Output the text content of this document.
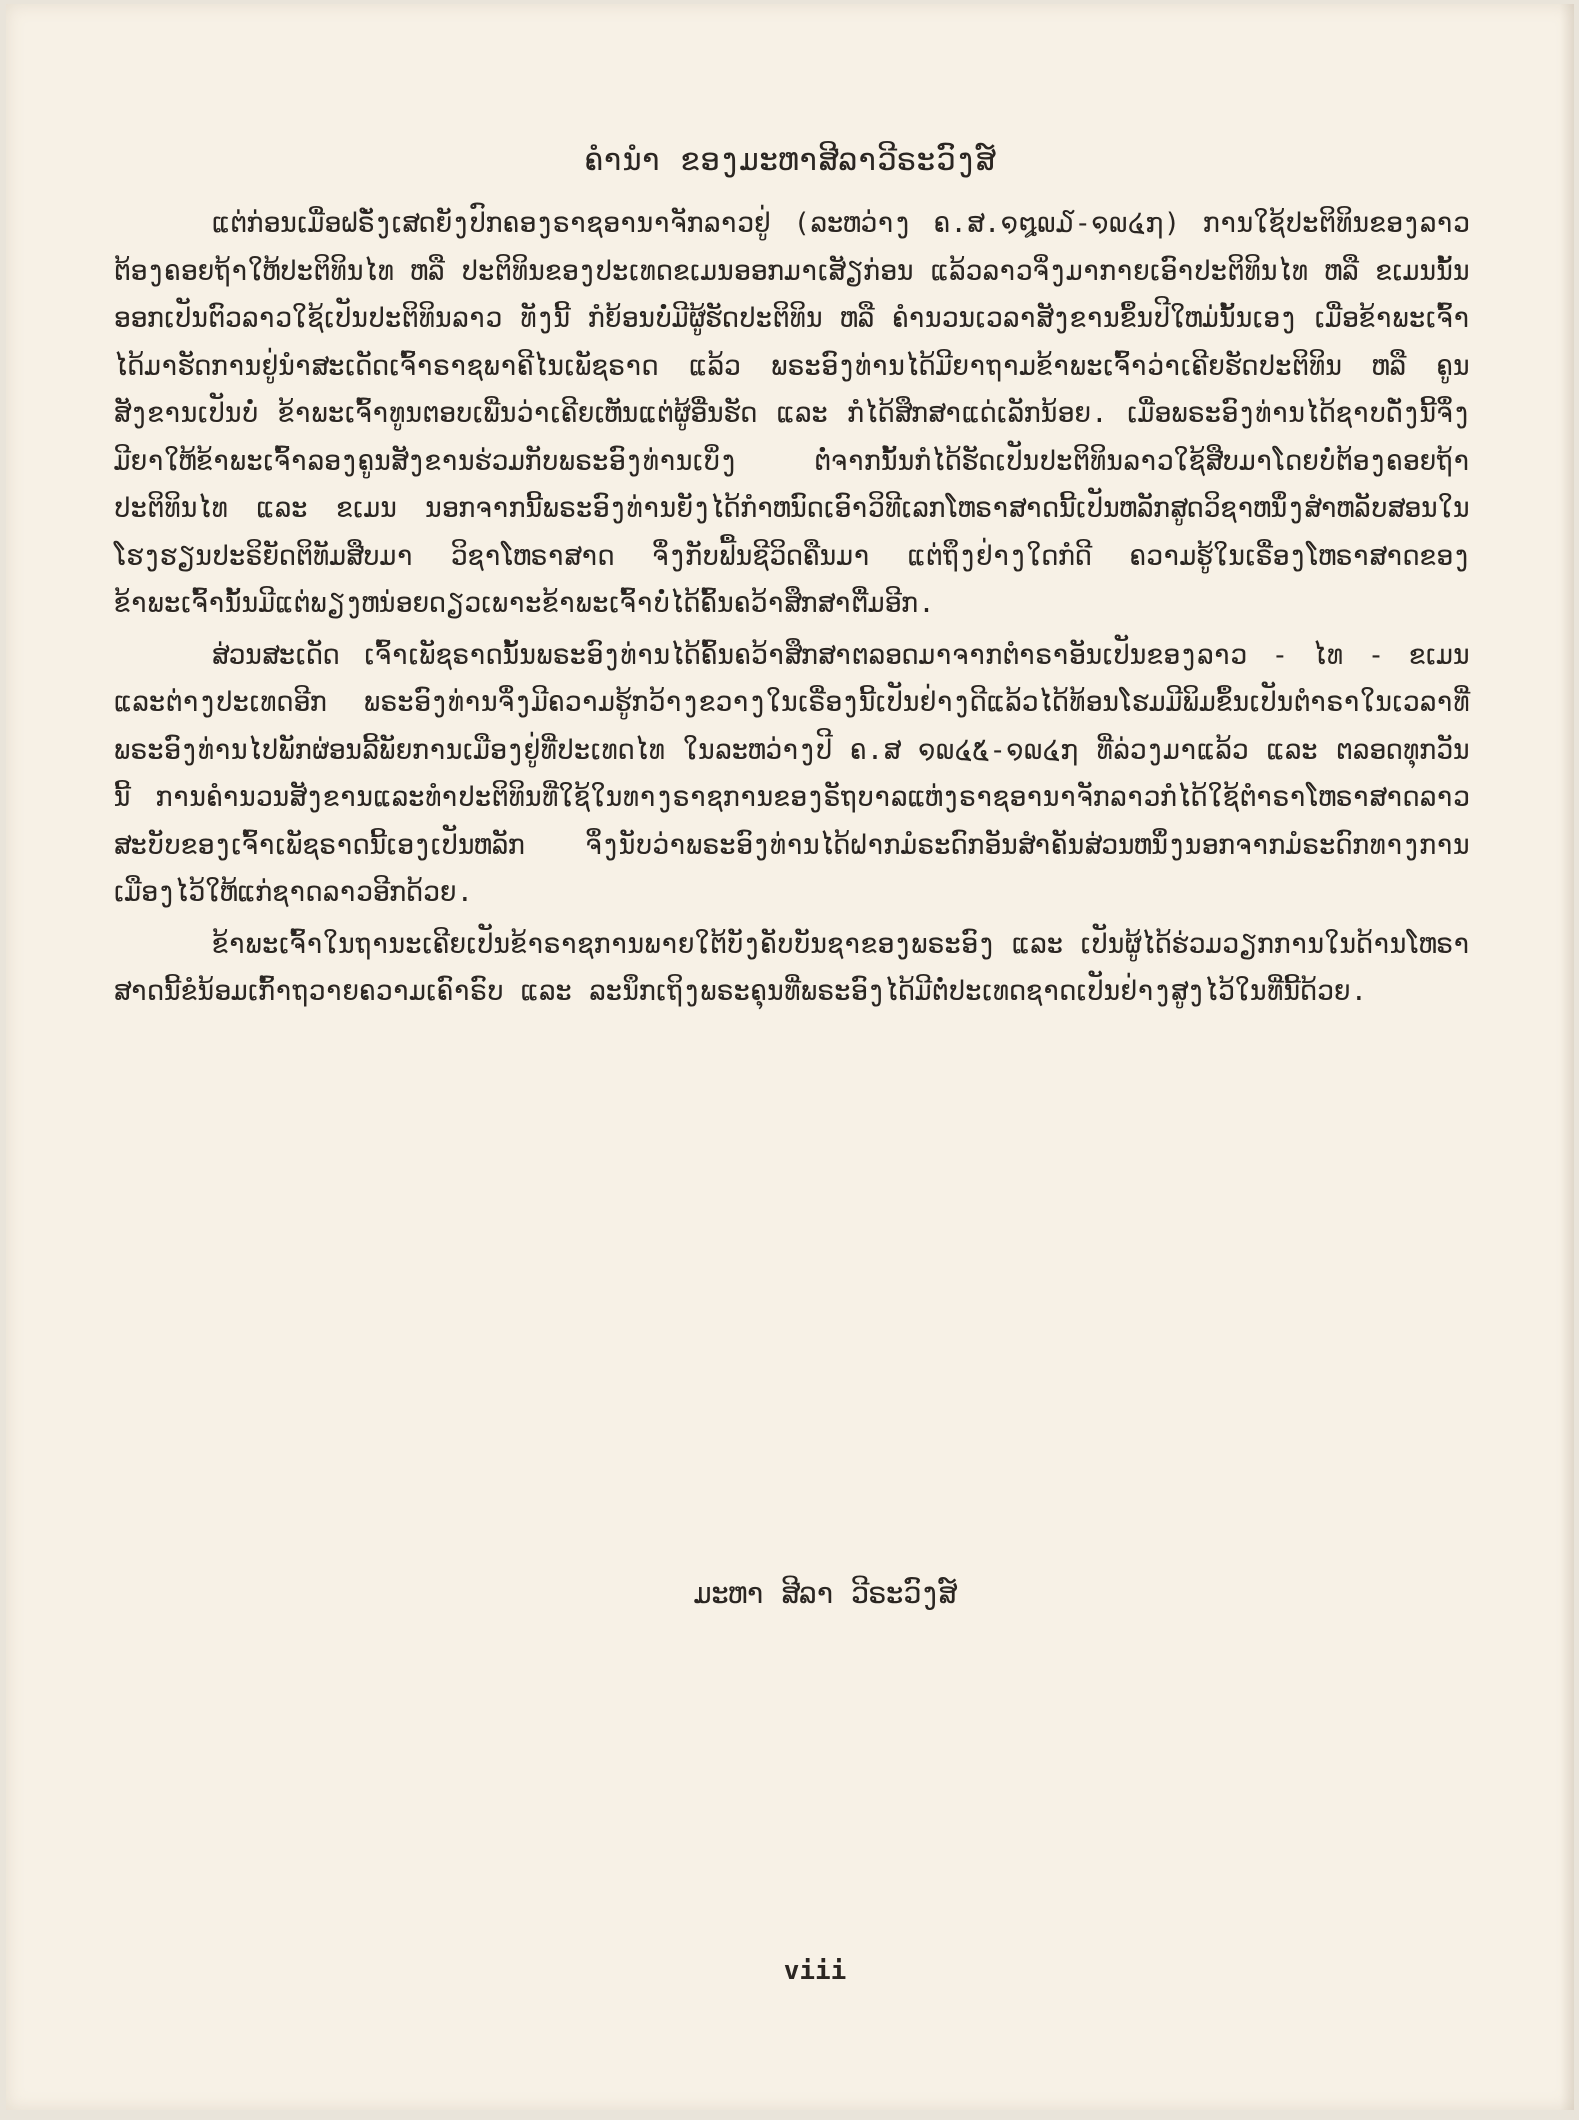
ຄຳນຳ ຂອງມະຫາສີລາວີຣະວົງສ໌

ແຕ່ກ່ອນເມື່ອຝຣັ່ງເສດຍັງປົກຄອງຣາຊອານາຈັກລາວຢູ່ (ລະຫວ່າງ ຄ.ສ.໑໘໙໓-໑໙໔໗) ການໃຊ້ປະຕິທິນຂອງລາວຕ້ອງຄອຍຖ້າໃຫ້ປະຕິທິນໄທ ຫລື ປະຕິທິນຂອງປະເທດຂເມນອອກມາເສັຽກ່ອນ ແລ້ວລາວຈິ່ງມາກາຍເອົາປະຕິທິນໄທ ຫລື ຂເມນນັ້ນອອກເປັນຕົວລາວໃຊ້ເປັນປະຕິທິນລາວ ທັງນີ້ ກໍຍ້ອນບໍ່ມີຜູ້ຮັດປະຕິທິນ ຫລື ຄຳນວນເວລາສັງຂານຂຶ້ນປີໃຫມ່ນັ້ນເອງ ເມື່ອຂ້າພະເຈົ້າໄດ້ມາຮັດການຢູ່ນຳສະເດັດເຈົ້າຣາຊພາຄີໄນເພັຊຣາດ ແລ້ວ ພຣະອົງທ່ານໄດ້ມີຍາຖາມຂ້າພະເຈົ້າວ່າເຄີຍຮັດປະຕິທິນ ຫລື ຄູນສັງຂານເປັນບໍ່ ຂ້າພະເຈົ້າທູນຕອບເພີ່ນວ່າເຄີຍເຫັນແຕ່ຜູ້ອື່ນຮັດ ແລະ ກໍໄດ້ສຶກສາແດ່ເລັກນ້ອຍ. ເມື່ອພຣະອົງທ່ານໄດ້ຊາບດັ່ງນີ້ຈຶ່ງມີຍາໃຫ້ຂ້າພະເຈົ້າລອງຄູນສັງຂານຮ່ວມກັບພຣະອົງທ່ານເບິ່ງ ຕໍ່ຈາກນັ້ນກໍໄດ້ຮັດເປັນປະຕິທິນລາວໃຊ້ສືບມາໂດຍບໍ່ຕ້ອງຄອຍຖ້າປະຕິທິນໄທ ແລະ ຂເມນ ນອກຈາກນີ້ພຣະອົງທ່ານຍັງໄດ້ກຳຫນົດເອົາວິທີເລກໂຫຣາສາດນີ້ເປັນຫລັກສູດວິຊາຫນຶ່ງສຳຫລັບສອນໃນໂຮງຮຽນປະຣິຍັດຕິທັມສືບມາ ວິຊາໂຫຣາສາດ ຈຶ່ງກັບຟື້ນຊີວິດຄືນມາ ແຕ່ຖຶງຢ່າງໃດກໍດີ ຄວາມຮູ້ໃນເຣື່ອງໂຫຣາສາດຂອງຂ້າພະເຈົ້ານັ້ນມີແຕ່ພຽງຫນ່ອຍດຽວເພາະຂ້າພະເຈົ້າບໍ່ໄດ້ຄົ້ນຄວ້າສຶກສາຕື່ມອີກ.

ສ່ວນສະເດັດ ເຈົ້າເພັຊຣາດນັ້ນພຣະອົງທ່ານໄດ້ຄົ້ນຄວ້າສຶກສາຕລອດມາຈາກຕຳຣາອັນເປັນຂອງລາວ - ໄທ - ຂເມນ ແລະຕ່າງປະເທດອີກ ພຣະອົງທ່ານຈຶ່ງມີຄວາມຮູ້ກວ້າງຂວາງໃນເຣື່ອງນີ້ເປັນຢ່າງດີແລ້ວໄດ້ທ້ອນໂຮມມີພິມຂຶ້ນເປັນຕຳຣາໃນເວລາທີ່ພຣະອົງທ່ານໄປພັກຜ່ອນລີ້ພັຍການເມືອງຢູ່ທີ່ປະເທດໄທ ໃນລະຫວ່າງປີ ຄ.ສ ໑໙໔໕-໑໙໔໗ ທີ່ລ່ວງມາແລ້ວ ແລະ ຕລອດທຸກວັນນີ້ ການຄຳນວນສັງຂານແລະທຳປະຕິທິນທີ່ໃຊ້ໃນທາງຣາຊການຂອງຣັຖບາລແຫ່ງຣາຊອານາຈັກລາວກໍໄດ້ໃຊ້ຕຳຣາໂຫຣາສາດລາວສະບັບຂອງເຈົ້າເພັຊຣາດນີ້ເອງເປັນຫລັກ ຈຶ່ງນັບວ່າພຣະອົງທ່ານໄດ້ຝາກມໍຣະດົກອັນສຳຄັນສ່ວນຫນຶ່ງນອກຈາກມໍຣະດົກທາງການເມືອງໄວ້ໃຫ້ແກ່ຊາດລາວອີກດ້ວຍ.

ຂ້າພະເຈົ້າໃນຖານະເຄີຍເປັນຂ້າຣາຊການພາຍໃຕ້ບັງຄັບບັນຊາຂອງພຣະອົງ ແລະ ເປັນຜູ້ໄດ້ຮ່ວມວຽກການໃນດ້ານໂຫຣາສາດນີ້ຂໍນ້ອມເກົ້າຖວາຍຄວາມເຄົາຣົບ ແລະ ລະນຶກເຖິງພຣະຄຸນທີ່ພຣະອົງໄດ້ມີຕໍ່ປະເທດຊາດເປັນຢ່າງສູງໄວ້ໃນທີ່ນີ້ດ້ວຍ.

ມະຫາ ສີລາ ວີຣະວົງສ໌
viii
